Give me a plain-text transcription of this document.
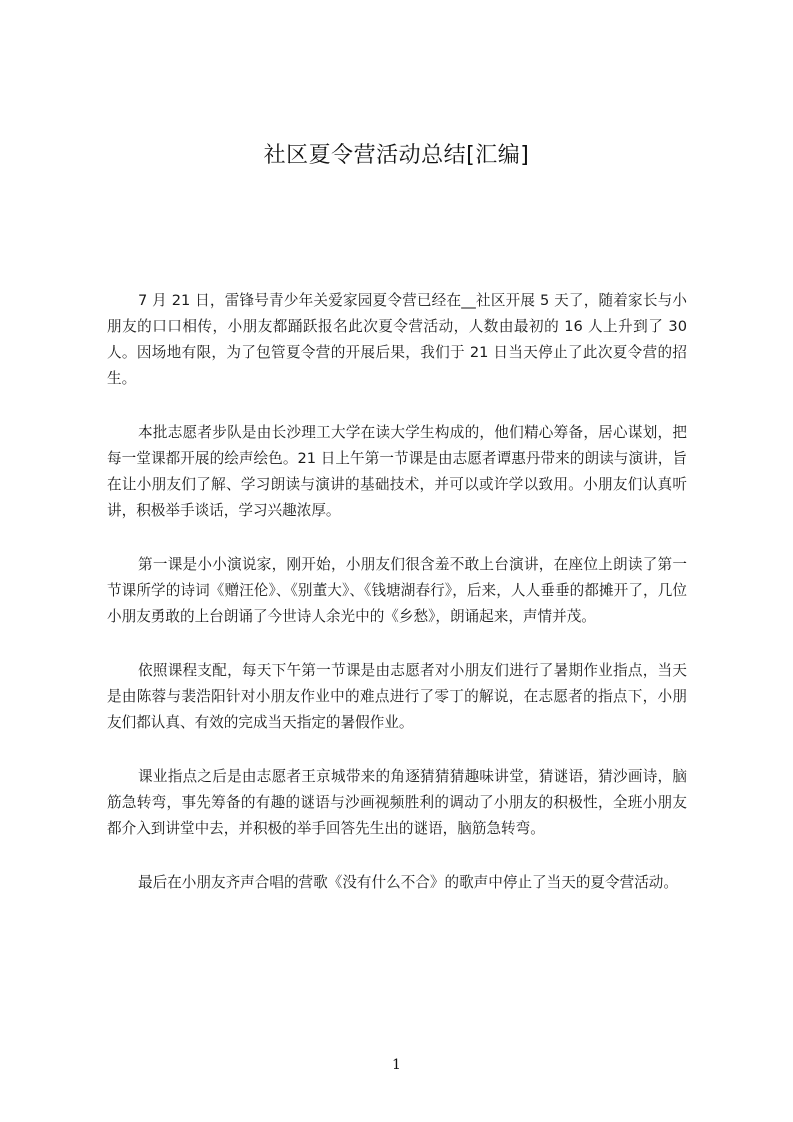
社区夏令营活动总结[汇编]

7 月 21 日，雷锋号青少年关爱家园夏令营已经在__社区开展 5 天了，随着家长与小朋友的口口相传，小朋友都踊跃报名此次夏令营活动，人数由最初的 16 人上升到了 30 人。因场地有限，为了包管夏令营的开展后果，我们于 21 日当天停止了此次夏令营的招生。

本批志愿者步队是由长沙理工大学在读大学生构成的，他们精心筹备，居心谋划，把每一堂课都开展的绘声绘色。21 日上午第一节课是由志愿者谭惠丹带来的朗读与演讲，旨在让小朋友们了解、学习朗读与演讲的基础技术，并可以或许学以致用。小朋友们认真听讲，积极举手谈话，学习兴趣浓厚。

第一课是小小演说家，刚开始，小朋友们很含羞不敢上台演讲，在座位上朗读了第一节课所学的诗词《赠汪伦》、《别董大》、《钱塘湖春行》，后来，人人垂垂的都摊开了，几位小朋友勇敢的上台朗诵了今世诗人余光中的《乡愁》，朗诵起来，声情并茂。

依照课程支配，每天下午第一节课是由志愿者对小朋友们进行了暑期作业指点，当天是由陈蓉与裴浩阳针对小朋友作业中的难点进行了零丁的解说，在志愿者的指点下，小朋友们都认真、有效的完成当天指定的暑假作业。

课业指点之后是由志愿者王京城带来的角逐猜猜猜趣味讲堂，猜谜语，猜沙画诗，脑筋急转弯，事先筹备的有趣的谜语与沙画视频胜利的调动了小朋友的积极性，全班小朋友都介入到讲堂中去，并积极的举手回答先生出的谜语，脑筋急转弯。

最后在小朋友齐声合唱的营歌《没有什么不合》的歌声中停止了当天的夏令营活动。

1
